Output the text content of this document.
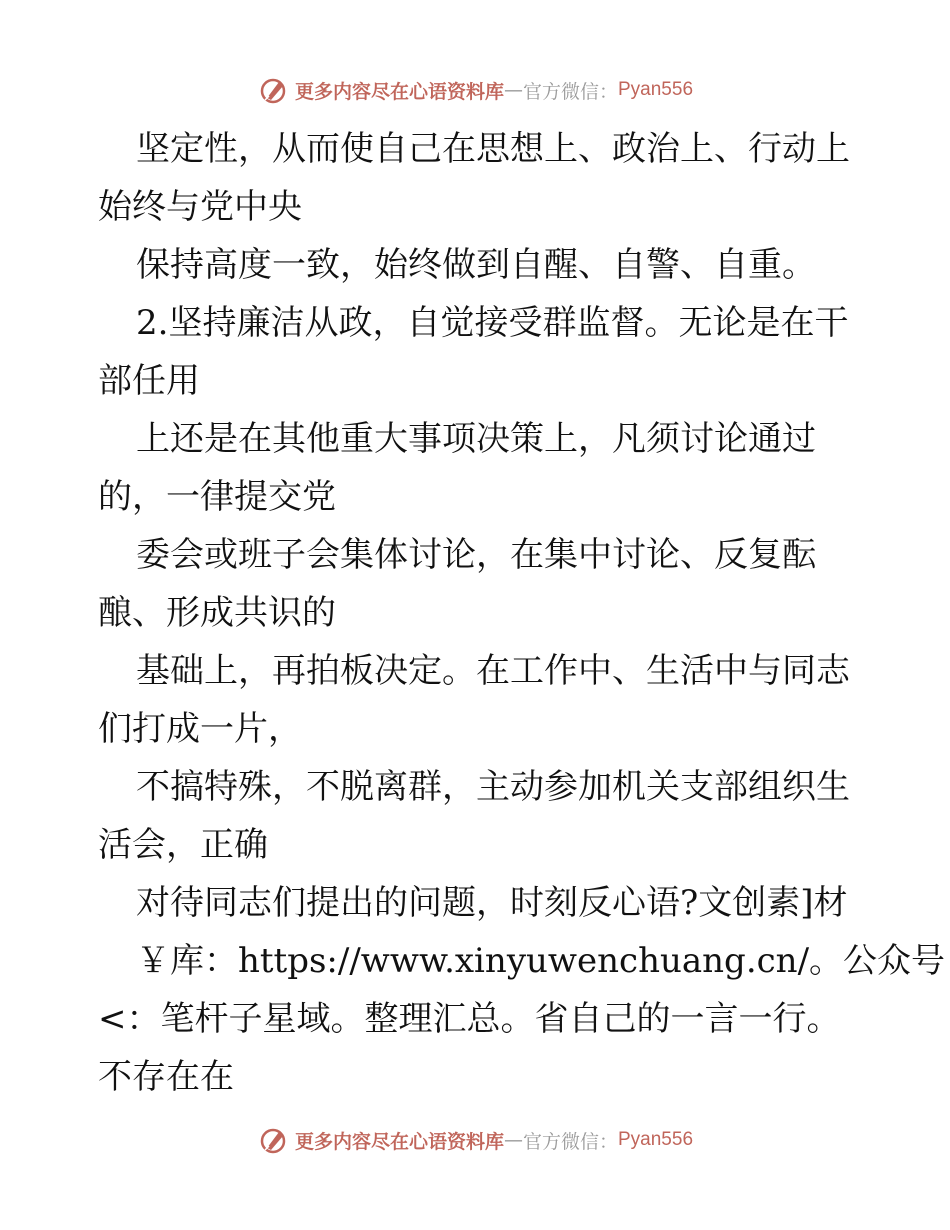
更多内容尽在心语资料库 — 官方微信： Pyan556
坚定性，从而使自己在思想上、政治上、行动上
始终与党中央
保持高度一致，始终做到自醒、自警、自重。
2.坚持廉洁从政，自觉接受群监督。无论是在干
部任用
上还是在其他重大事项决策上，凡须讨论通过
的，一律提交党
委会或班子会集体讨论，在集中讨论、反复酝
酿、形成共识的
基础上，再拍板决定。在工作中、生活中与同志
们打成一片，
不搞特殊，不脱离群，主动参加机关支部组织生
活会，正确
对待同志们提出的问题，时刻反心语?文创素]材
￥库：https://www.xinyuwenchuang.cn/。公众号
<：笔杆子星域。整理汇总。省自己的一言一行。
不存在在
更多内容尽在心语资料库 — 官方微信： Pyan556
